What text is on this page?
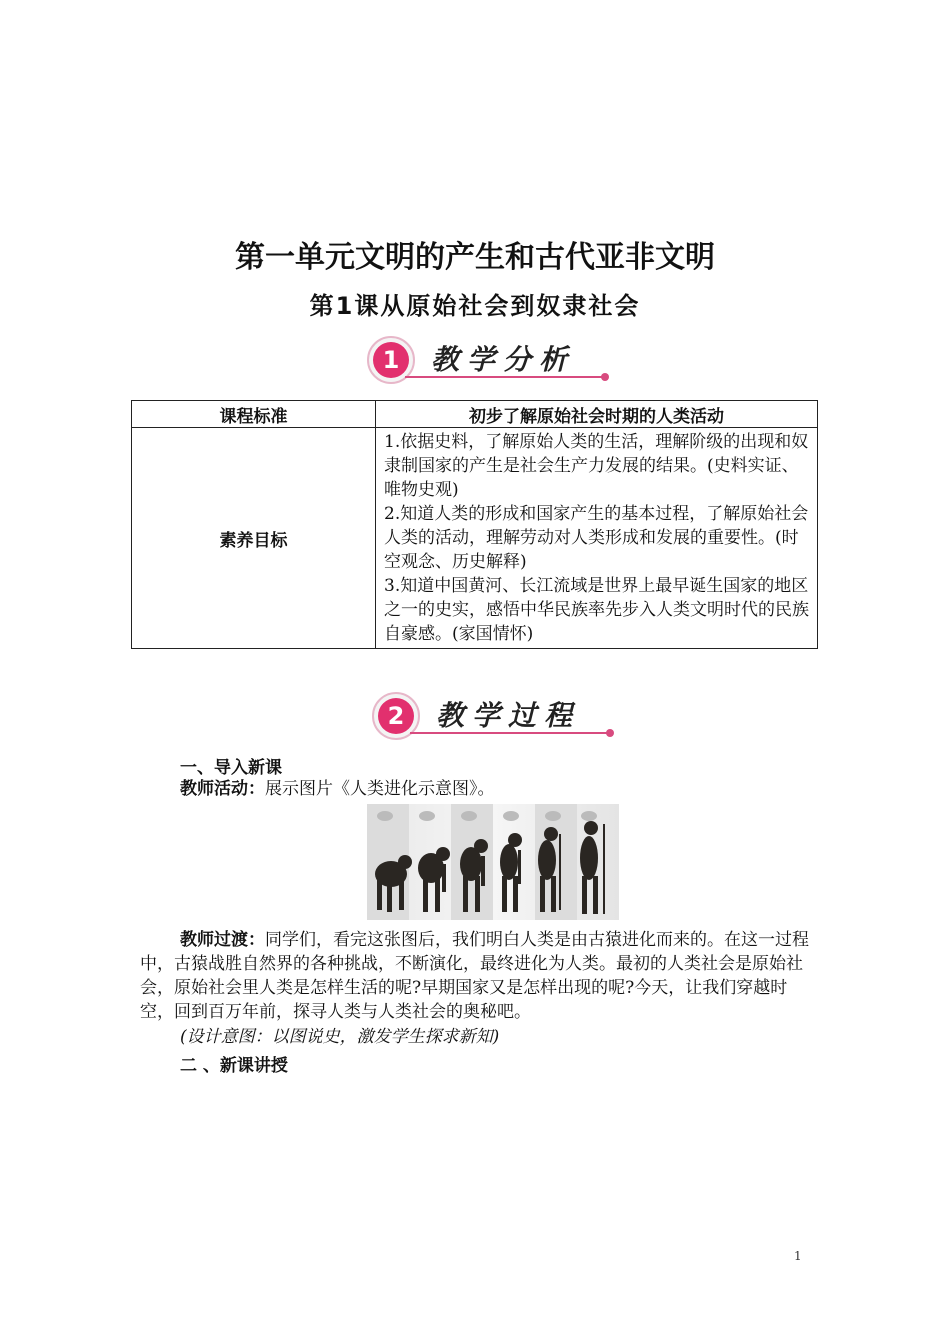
第一单元文明的产生和古代亚非文明
第1课从原始社会到奴隶社会
1	教学分析
课程标准	初步了解原始社会时期的人类活动
素养目标	1.依据史料，了解原始人类的生活，理解阶级的出现和奴隶制国家的产生是社会生产力发展的结果。(史料实证、唯物史观)
2.知道人类的形成和国家产生的基本过程，了解原始社会人类的活动，理解劳动对人类形成和发展的重要性。(时空观念、历史解释)
3.知道中国黄河、长江流域是世界上最早诞生国家的地区之一的史实，感悟中华民族率先步入人类文明时代的民族自豪感。(家国情怀)
2	教学过程
一、导入新课
教师活动：展示图片《人类进化示意图》。
教师过渡：同学们，看完这张图后，我们明白人类是由古猿进化而来的。在这一过程中，古猿战胜自然界的各种挑战，不断演化，最终进化为人类。最初的人类社会是原始社会，原始社会里人类是怎样生活的呢?早期国家又是怎样出现的呢?今天，让我们穿越时空，回到百万年前，探寻人类与人类社会的奥秘吧。
(设计意图：以图说史，激发学生探求新知)
二 、新课讲授
1
